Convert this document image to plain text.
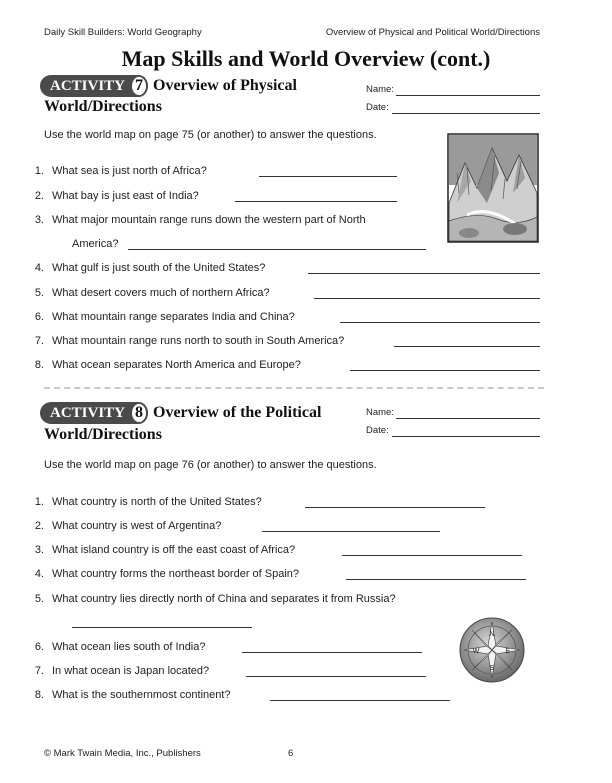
Daily Skill Builders: World Geography	Overview of Physical and Political World/Directions
Map Skills and World Overview (cont.)
ACTIVITY 7 Overview of Physical
World/Directions
Name:
Date:
Use the world map on page 75 (or another) to answer the questions.
1. What sea is just north of Africa?
2. What bay is just east of India?
3. What major mountain range runs down the western part of North
America?
4. What gulf is just south of the United States?
5. What desert covers much of northern Africa?
6. What mountain range separates India and China?
7. What mountain range runs north to south in South America?
8. What ocean separates North America and Europe?
ACTIVITY 8 Overview of the Political
World/Directions
Name:
Date:
Use the world map on page 76 (or another) to answer the questions.
1. What country is north of the United States?
2. What country is west of Argentina?
3. What island country is off the east coast of Africa?
4. What country forms the northeast border of Spain?
5. What country lies directly north of China and separates it from Russia?
6. What ocean lies south of India?
7. In what ocean is Japan located?
8. What is the southernmost continent?
N
S
E
W
© Mark Twain Media, Inc., Publishers	6
